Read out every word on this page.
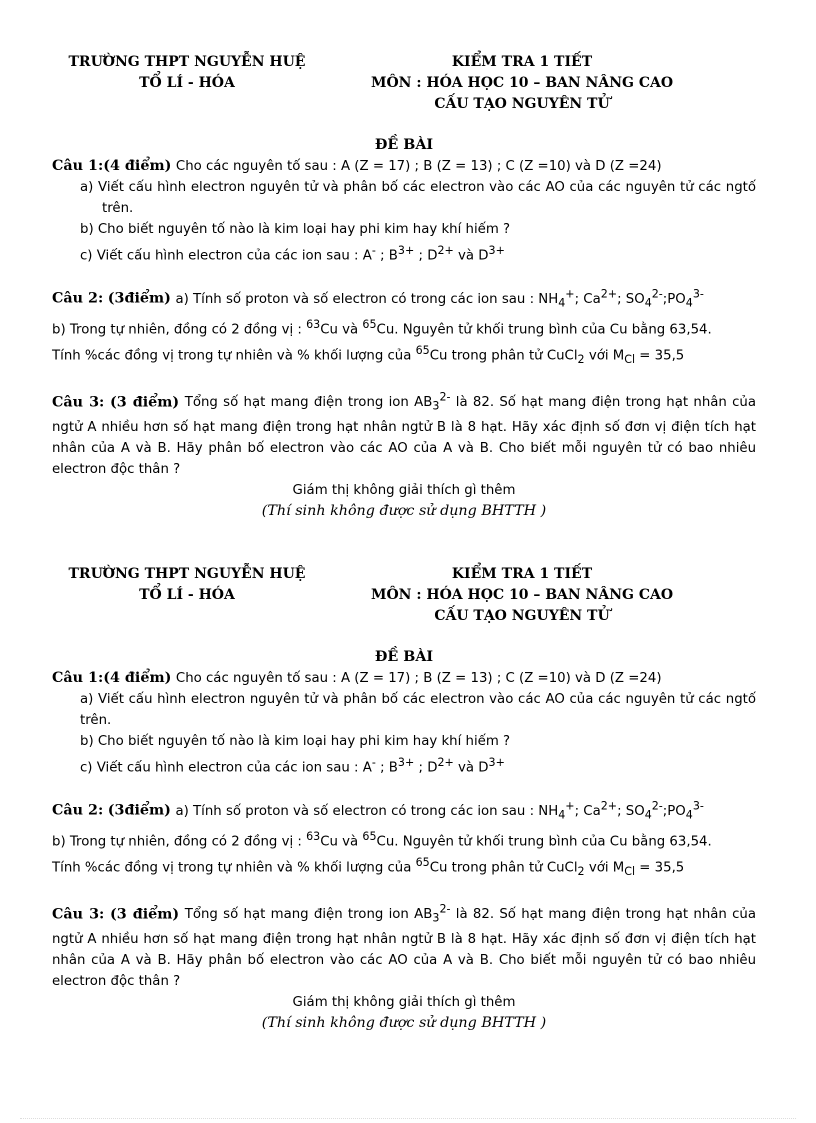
TRƯỜNG THPT NGUYỄN HUỆ
TỔ LÍ - HÓA
KIỂM TRA 1 TIẾT
MÔN : HÓA HỌC 10 – BAN NÂNG CAO
CẤU TẠO NGUYÊN TỬ
ĐỀ BÀI

Câu 1:(4 điểm) Cho các nguyên tố sau : A (Z = 17) ; B (Z = 13) ; C (Z =10) và D (Z =24)

a) Viết cấu hình electron nguyên tử và phân bố các electron vào các AO của các nguyên tử các ngtố trên.

b) Cho biết nguyên tố nào là kim loại hay phi kim hay khí hiếm ?

c) Viết cấu hình electron của các ion sau : A- ; $B^{3+}$ ; $D^{2+}$ và $D^{3+}$

Câu 2: (3điểm) a) Tính số proton và số electron có trong các ion sau : $NH_4^+$; $Ca^{2+}$; $SO_4^{2-};PO_4^{3-}$

b) Trong tự nhiên, đồng có 2 đồng vị : $^{63}$Cu và $^{65}$Cu. Nguyên tử khối trung bình của Cu bằng 63,54.

Tính %các đồng vị trong tự nhiên và % khối lượng của $^{65}$Cu trong phân tử CuCl$_2$ với $M_{Cl} = 35,5$

Câu 3: (3 điểm) Tổng số hạt mang điện trong ion $AB_3^{2-}$ là 82. Số hạt mang điện trong hạt nhân của ngtử A nhiều hơn số hạt mang điện trong hạt nhân ngtử B là 8 hạt. Hãy xác định số đơn vị điện tích hạt nhân của A và B. Hãy phân bố electron vào các AO của A và B. Cho biết mỗi nguyên tử có bao nhiêu electron độc thân ?

Giám thị không giải thích gì thêm

(Thí sinh không được sử dụng BHTTH )

TRƯỜNG THPT NGUYỄN HUỆ
TỔ LÍ - HÓA
KIỂM TRA 1 TIẾT
MÔN : HÓA HỌC 10 – BAN NÂNG CAO
CẤU TẠO NGUYÊN TỬ
ĐỀ BÀI

Câu 1:(4 điểm) Cho các nguyên tố sau : A (Z = 17) ; B (Z = 13) ; C (Z =10) và D (Z =24)

a) Viết cấu hình electron nguyên tử và phân bố các electron vào các AO của các nguyên tử các ngtố trên.

b) Cho biết nguyên tố nào là kim loại hay phi kim hay khí hiếm ?

c) Viết cấu hình electron của các ion sau : A- ; $B^{3+}$ ; $D^{2+}$ và $D^{3+}$

Câu 2: (3điểm) a) Tính số proton và số electron có trong các ion sau : $NH_4^+$; $Ca^{2+}$; $SO_4^{2-};PO_4^{3-}$

b) Trong tự nhiên, đồng có 2 đồng vị : $^{63}$Cu và $^{65}$Cu. Nguyên tử khối trung bình của Cu bằng 63,54.

Tính %các đồng vị trong tự nhiên và % khối lượng của $^{65}$Cu trong phân tử CuCl$_2$ với $M_{Cl} = 35,5$

Câu 3: (3 điểm) Tổng số hạt mang điện trong ion $AB_3^{2-}$ là 82. Số hạt mang điện trong hạt nhân của ngtử A nhiều hơn số hạt mang điện trong hạt nhân ngtử B là 8 hạt. Hãy xác định số đơn vị điện tích hạt nhân của A và B. Hãy phân bố electron vào các AO của A và B. Cho biết mỗi nguyên tử có bao nhiêu electron độc thân ?

Giám thị không giải thích gì thêm

(Thí sinh không được sử dụng BHTTH )
